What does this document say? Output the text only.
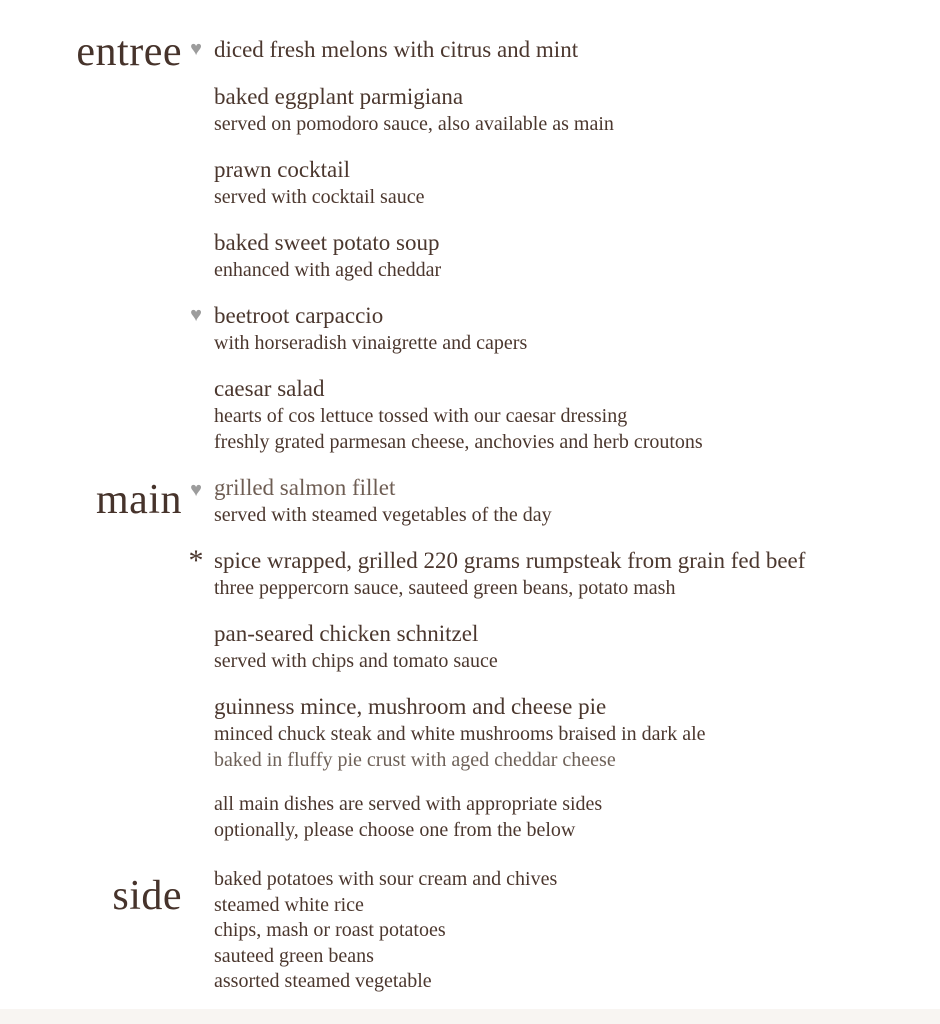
entree ♥ diced fresh melons with citrus and mint
baked eggplant parmigiana
served on pomodoro sauce, also available as main
prawn cocktail
served with cocktail sauce
baked sweet potato soup
enhanced with aged cheddar
♥ beetroot carpaccio
with horseradish vinaigrette and capers
caesar salad
hearts of cos lettuce tossed with our caesar dressing
freshly grated parmesan cheese, anchovies and herb croutons
main ♥ grilled salmon fillet
served with steamed vegetables of the day
* spice wrapped, grilled 220 grams rumpsteak from grain fed beef
three peppercorn sauce, sauteed green beans, potato mash
pan-seared chicken schnitzel
served with chips and tomato sauce
guinness mince, mushroom and cheese pie
minced chuck steak and white mushrooms braised in dark ale
baked in fluffy pie crust with aged cheddar cheese
all main dishes are served with appropriate sides
optionally, please choose one from the below
side baked potatoes with sour cream and chives
steamed white rice
chips, mash or roast potatoes
sauteed green beans
assorted steamed vegetable
